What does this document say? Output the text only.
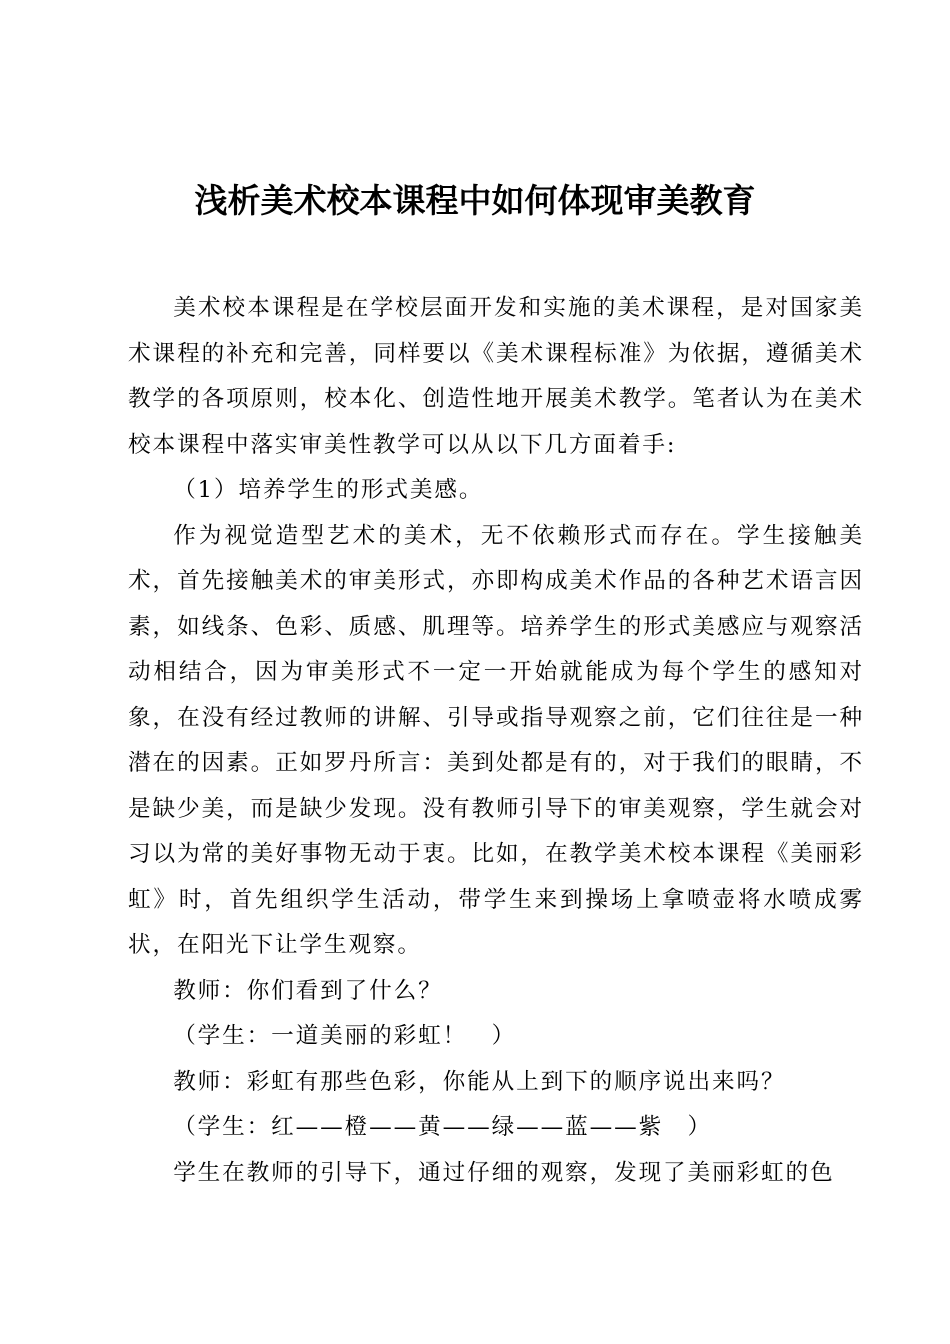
浅析美术校本课程中如何体现审美教育

美术校本课程是在学校层面开发和实施的美术课程，是对国家美术课程的补充和完善，同样要以《美术课程标准》为依据，遵循美术教学的各项原则，校本化、创造性地开展美术教学。笔者认为在美术校本课程中落实审美性教学可以从以下几方面着手:

（1）培养学生的形式美感。

作为视觉造型艺术的美术，无不依赖形式而存在。学生接触美术，首先接触美术的审美形式，亦即构成美术作品的各种艺术语言因素，如线条、色彩、质感、肌理等。培养学生的形式美感应与观察活动相结合，因为审美形式不一定一开始就能成为每个学生的感知对象，在没有经过教师的讲解、引导或指导观察之前，它们往往是一种潜在的因素。正如罗丹所言：美到处都是有的，对于我们的眼睛，不是缺少美，而是缺少发现。没有教师引导下的审美观察，学生就会对习以为常的美好事物无动于衷。比如，在教学美术校本课程《美丽彩虹》时，首先组织学生活动，带学生来到操场上拿喷壶将水喷成雾状，在阳光下让学生观察。

教师：你们看到了什么？

（学生：一道美丽的彩虹！　）

教师：彩虹有那些色彩，你能从上到下的顺序说出来吗？

（学生：红——橙——黄——绿——蓝——紫　）

学生在教师的引导下，通过仔细的观察，发现了美丽彩虹的色
